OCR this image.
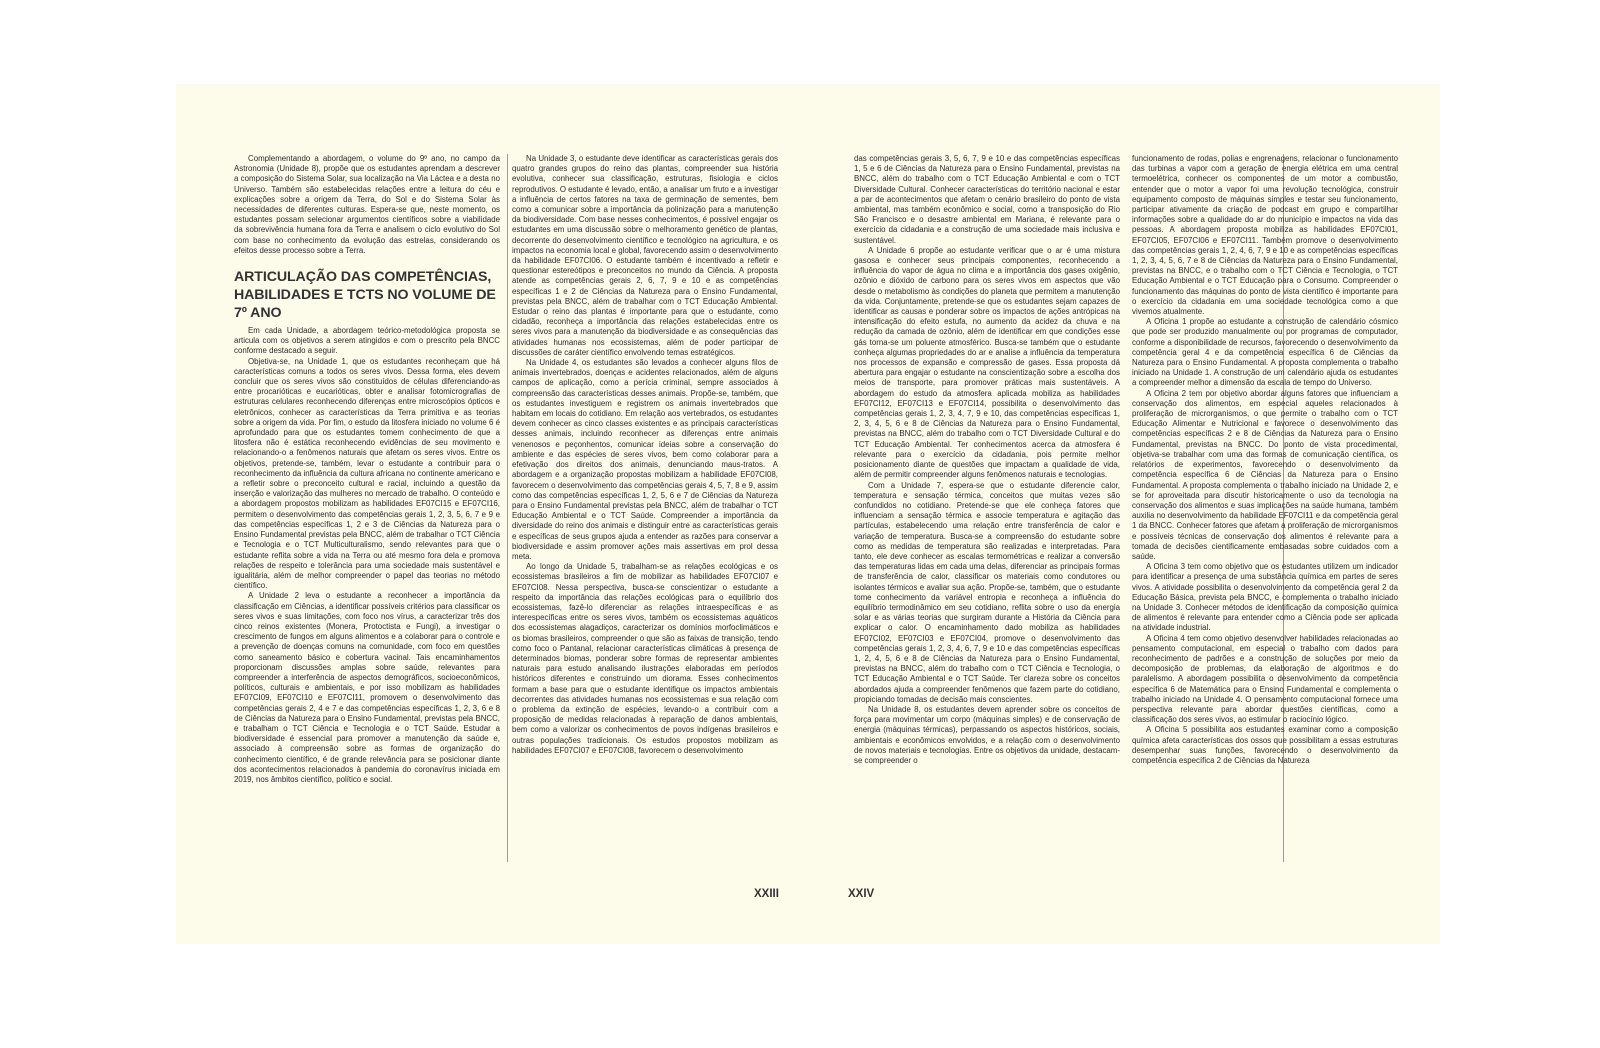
Complementando a abordagem, o volume do 9º ano, no campo da Astronomia (Unidade 8), propõe que os estudantes aprendam a descrever a composição do Sistema Solar, sua localização na Via Láctea e a desta no Universo. Também são estabelecidas relações entre a leitura do céu e explicações sobre a origem da Terra, do Sol e do Sistema Solar às necessidades de diferentes culturas. Espera-se que, neste momento, os estudantes possam selecionar argumentos científicos sobre a viabilidade da sobrevivência humana fora da Terra e analisem o ciclo evolutivo do Sol com base no conhecimento da evolução das estrelas, considerando os efeitos desse processo sobre a Terra.

ARTICULAÇÃO DAS COMPETÊNCIAS, HABILIDADES E TCTS NO VOLUME DE 7º ANO

Em cada Unidade, a abordagem teórico-metodológica proposta se articula com os objetivos a serem atingidos e com o prescrito pela BNCC conforme destacado a seguir.

Objetiva-se, na Unidade 1, que os estudantes reconheçam que há características comuns a todos os seres vivos. Dessa forma, eles devem concluir que os seres vivos são constituídos de células diferenciando-as entre procarióticas e eucarióticas, obter e analisar fotomicrografias de estruturas celulares reconhecendo diferenças entre microscópios ópticos e eletrônicos, conhecer as características da Terra primitiva e as teorias sobre a origem da vida. Por fim, o estudo da litosfera iniciado no volume 6 é aprofundado para que os estudantes tomem conhecimento de que a litosfera não é estática reconhecendo evidências de seu movimento e relacionando-o a fenômenos naturais que afetam os seres vivos. Entre os objetivos, pretende-se, também, levar o estudante a contribuir para o reconhecimento da influência da cultura africana no continente americano e a refletir sobre o preconceito cultural e racial, incluindo a questão da inserção e valorização das mulheres no mercado de trabalho. O conteúdo e a abordagem propostos mobilizam as habilidades EF07CI15 e EF07CI16, permitem o desenvolvimento das competências gerais 1, 2, 3, 5, 6, 7 e 9 e das competências específicas 1, 2 e 3 de Ciências da Natureza para o Ensino Fundamental previstas pela BNCC, além de trabalhar o TCT Ciência e Tecnologia e o TCT Multiculturalismo, sendo relevantes para que o estudante reflita sobre a vida na Terra ou até mesmo fora dela e promova relações de respeito e tolerância para uma sociedade mais sustentável e igualitária, além de melhor compreender o papel das teorias no método científico.

A Unidade 2 leva o estudante a reconhecer a importância da classificação em Ciências, a identificar possíveis critérios para classificar os seres vivos e suas limitações, com foco nos vírus, a caracterizar três dos cinco reinos existentes (Monera, Protoctista e Fungi), a investigar o crescimento de fungos em alguns alimentos e a colaborar para o controle e a prevenção de doenças comuns na comunidade, com foco em questões como saneamento básico e cobertura vacinal. Tais encaminhamentos proporcionam discussões amplas sobre saúde, relevantes para compreender a interferência de aspectos demográficos, socioeconômicos, políticos, culturais e ambientais, e por isso mobilizam as habilidades EF07CI09, EF07CI10 e EF07CI11, promovem o desenvolvimento das competências gerais 2, 4 e 7 e das competências específicas 1, 2, 3, 6 e 8 de Ciências da Natureza para o Ensino Fundamental, previstas pela BNCC, e trabalham o TCT Ciência e Tecnologia e o TCT Saúde. Estudar a biodiversidade é essencial para promover a manutenção da saúde e, associado à compreensão sobre as formas de organização do conhecimento científico, é de grande relevância para se posicionar diante dos acontecimentos relacionados à pandemia do coronavírus iniciada em 2019, nos âmbitos científico, político e social.

Na Unidade 3, o estudante deve identificar as características gerais dos quatro grandes grupos do reino das plantas, compreender sua história evolutiva, conhecer sua classificação, estruturas, fisiologia e ciclos reprodutivos. O estudante é levado, então, a analisar um fruto e a investigar a influência de certos fatores na taxa de germinação de sementes, bem como a comunicar sobre a importância da polinização para a manutenção da biodiversidade. Com base nesses conhecimentos, é possível engajar os estudantes em uma discussão sobre o melhoramento genético de plantas, decorrente do desenvolvimento científico e tecnológico na agricultura, e os impactos na economia local e global, favorecendo assim o desenvolvimento da habilidade EF07CI06. O estudante também é incentivado a refletir e questionar estereótipos e preconceitos no mundo da Ciência. A proposta atende as competências gerais 2, 6, 7, 9 e 10 e as competências específicas 1 e 2 de Ciências da Natureza para o Ensino Fundamental, previstas pela BNCC, além de trabalhar com o TCT Educação Ambiental. Estudar o reino das plantas é importante para que o estudante, como cidadão, reconheça a importância das relações estabelecidas entre os seres vivos para a manutenção da biodiversidade e as consequências das atividades humanas nos ecossistemas, além de poder participar de discussões de caráter científico envolvendo temas estratégicos.

Na Unidade 4, os estudantes são levados a conhecer alguns filos de animais invertebrados, doenças e acidentes relacionados, além de alguns campos de aplicação, como a perícia criminal, sempre associados à compreensão das características desses animais. Propõe-se, também, que os estudantes investiguem e registrem os animais invertebrados que habitam em locais do cotidiano. Em relação aos vertebrados, os estudantes devem conhecer as cinco classes existentes e as principais características desses animais, incluindo reconhecer as diferenças entre animais venenosos e peçonhentos, comunicar ideias sobre a conservação do ambiente e das espécies de seres vivos, bem como colaborar para a efetivação dos direitos dos animais, denunciando maus-tratos. A abordagem e a organização propostas mobilizam a habilidade EF07CI08, favorecem o desenvolvimento das competências gerais 4, 5, 7, 8 e 9, assim como das competências específicas 1, 2, 5, 6 e 7 de Ciências da Natureza para o Ensino Fundamental previstas pela BNCC, além de trabalhar o TCT Educação Ambiental e o TCT Saúde. Compreender a importância da diversidade do reino dos animais e distinguir entre as características gerais e específicas de seus grupos ajuda a entender as razões para conservar a biodiversidade e assim promover ações mais assertivas em prol dessa meta.

Ao longo da Unidade 5, trabalham-se as relações ecológicas e os ecossistemas brasileiros a fim de mobilizar as habilidades EF07CI07 e EF07CI08. Nessa perspectiva, busca-se conscientizar o estudante a respeito da importância das relações ecológicas para o equilíbrio dos ecossistemas, fazê-lo diferenciar as relações intraespecíficas e as interespecíficas entre os seres vivos, também os ecossistemas aquáticos dos ecossistemas alagadiços, caracterizar os domínios morfoclimáticos e os biomas brasileiros, compreender o que são as faixas de transição, tendo como foco o Pantanal, relacionar características climáticas à presença de determinados biomas, ponderar sobre formas de representar ambientes naturais para estudo analisando ilustrações elaboradas em períodos históricos diferentes e construindo um diorama. Esses conhecimentos formam a base para que o estudante identifique os impactos ambientais decorrentes das atividades humanas nos ecossistemas e sua relação com o problema da extinção de espécies, levando-o a contribuir com a proposição de medidas relacionadas à reparação de danos ambientais, bem como a valorizar os conhecimentos de povos indígenas brasileiros e outras populações tradicionais. Os estudos propostos mobilizam as habilidades EF07CI07 e EF07CI08, favorecem o desenvolvimento

das competências gerais 3, 5, 6, 7, 9 e 10 e das competências específicas 1, 5 e 6 de Ciências da Natureza para o Ensino Fundamental, previstas na BNCC, além do trabalho com o TCT Educação Ambiental e com o TCT Diversidade Cultural. Conhecer características do território nacional e estar a par de acontecimentos que afetam o cenário brasileiro do ponto de vista ambiental, mas também econômico e social, como a transposição do Rio São Francisco e o desastre ambiental em Mariana, é relevante para o exercício da cidadania e a construção de uma sociedade mais inclusiva e sustentável.

A Unidade 6 propõe ao estudante verificar que o ar é uma mistura gasosa e conhecer seus principais componentes, reconhecendo a influência do vapor de água no clima e a importância dos gases oxigênio, ozônio e dióxido de carbono para os seres vivos em aspectos que vão desde o metabolismo às condições do planeta que permitem a manutenção da vida. Conjuntamente, pretende-se que os estudantes sejam capazes de identificar as causas e ponderar sobre os impactos de ações antrópicas na intensificação do efeito estufa, no aumento da acidez da chuva e na redução da camada de ozônio, além de identificar em que condições esse gás torna-se um poluente atmosférico. Busca-se também que o estudante conheça algumas propriedades do ar e analise a influência da temperatura nos processos de expansão e compressão de gases. Essa proposta dá abertura para engajar o estudante na conscientização sobre a escolha dos meios de transporte, para promover práticas mais sustentáveis. A abordagem do estudo da atmosfera aplicada mobiliza as habilidades EF07CI12, EF07CI13 e EF07CI14, possibilita o desenvolvimento das competências gerais 1, 2, 3, 4, 7, 9 e 10, das competências específicas 1, 2, 3, 4, 5, 6 e 8 de Ciências da Natureza para o Ensino Fundamental, previstas na BNCC, além do trabalho com o TCT Diversidade Cultural e do TCT Educação Ambiental. Ter conhecimentos acerca da atmosfera é relevante para o exercício da cidadania, pois permite melhor posicionamento diante de questões que impactam a qualidade de vida, além de permitir compreender alguns fenômenos naturais e tecnologias.

Com a Unidade 7, espera-se que o estudante diferencie calor, temperatura e sensação térmica, conceitos que muitas vezes são confundidos no cotidiano. Pretende-se que ele conheça fatores que influenciam a sensação térmica e associe temperatura e agitação das partículas, estabelecendo uma relação entre transferência de calor e variação de temperatura. Busca-se a compreensão do estudante sobre como as medidas de temperatura são realizadas e interpretadas. Para tanto, ele deve conhecer as escalas termométricas e realizar a conversão das temperaturas lidas em cada uma delas, diferenciar as principais formas de transferência de calor, classificar os materiais como condutores ou isolantes térmicos e avaliar sua ação. Propõe-se, também, que o estudante tome conhecimento da variável entropia e reconheça a influência do equilíbrio termodinâmico em seu cotidiano, reflita sobre o uso da energia solar e as várias teorias que surgiram durante a História da Ciência para explicar o calor. O encaminhamento dado mobiliza as habilidades EF07CI02, EF07CI03 e EF07CI04, promove o desenvolvimento das competências gerais 1, 2, 3, 4, 6, 7, 9 e 10 e das competências específicas 1, 2, 4, 5, 6 e 8 de Ciências da Natureza para o Ensino Fundamental, previstas na BNCC, além do trabalho com o TCT Ciência e Tecnologia, o TCT Educação Ambiental e o TCT Saúde. Ter clareza sobre os conceitos abordados ajuda a compreender fenômenos que fazem parte do cotidiano, propiciando tomadas de decisão mais conscientes.

Na Unidade 8, os estudantes devem aprender sobre os conceitos de força para movimentar um corpo (máquinas simples) e de conservação de energia (máquinas térmicas), perpassando os aspectos históricos, sociais, ambientais e econômicos envolvidos, e a relação com o desenvolvimento de novos materiais e tecnologias. Entre os objetivos da unidade, destacam-se compreender o

funcionamento de rodas, polias e engrenagens, relacionar o funcionamento das turbinas a vapor com a geração de energia elétrica em uma central termoelétrica, conhecer os componentes de um motor a combustão, entender que o motor a vapor foi uma revolução tecnológica, construir equipamento composto de máquinas simples e testar seu funcionamento, participar ativamente da criação de podcast em grupo e compartilhar informações sobre a qualidade do ar do município e impactos na vida das pessoas. A abordagem proposta mobiliza as habilidades EF07CI01, EF07CI05, EF07CI06 e EF07CI11. Também promove o desenvolvimento das competências gerais 1, 2, 4, 6, 7, 9 e 10 e as competências específicas 1, 2, 3, 4, 5, 6, 7 e 8 de Ciências da Natureza para o Ensino Fundamental, previstas na BNCC, e o trabalho com o TCT Ciência e Tecnologia, o TCT Educação Ambiental e o TCT Educação para o Consumo. Compreender o funcionamento das máquinas do ponto de vista científico é importante para o exercício da cidadania em uma sociedade tecnológica como a que vivemos atualmente.

A Oficina 1 propõe ao estudante a construção de calendário cósmico que pode ser produzido manualmente ou por programas de computador, conforme a disponibilidade de recursos, favorecendo o desenvolvimento da competência geral 4 e da competência específica 6 de Ciências da Natureza para o Ensino Fundamental. A proposta complementa o trabalho iniciado na Unidade 1. A construção de um calendário ajuda os estudantes a compreender melhor a dimensão da escala de tempo do Universo.

A Oficina 2 tem por objetivo abordar alguns fatores que influenciam a conservação dos alimentos, em especial aqueles relacionados à proliferação de microrganismos, o que permite o trabalho com o TCT Educação Alimentar e Nutricional e favorece o desenvolvimento das competências específicas 2 e 8 de Ciências da Natureza para o Ensino Fundamental, previstas na BNCC. Do ponto de vista procedimental, objetiva-se trabalhar com uma das formas de comunicação científica, os relatórios de experimentos, favorecendo o desenvolvimento da competência específica 6 de Ciências da Natureza para o Ensino Fundamental. A proposta complementa o trabalho iniciado na Unidade 2, e se for aproveitada para discutir historicamente o uso da tecnologia na conservação dos alimentos e suas implicações na saúde humana, também auxilia no desenvolvimento da habilidade EF07CI11 e da competência geral 1 da BNCC. Conhecer fatores que afetam a proliferação de microrganismos e possíveis técnicas de conservação dos alimentos é relevante para a tomada de decisões cientificamente embasadas sobre cuidados com a saúde.

A Oficina 3 tem como objetivo que os estudantes utilizem um indicador para identificar a presença de uma substância química em partes de seres vivos. A atividade possibilita o desenvolvimento da competência geral 2 da Educação Básica, prevista pela BNCC, e complementa o trabalho iniciado na Unidade 3. Conhecer métodos de identificação da composição química de alimentos é relevante para entender como a Ciência pode ser aplicada na atividade industrial.

A Oficina 4 tem como objetivo desenvolver habilidades relacionadas ao pensamento computacional, em especial o trabalho com dados para reconhecimento de padrões e a construção de soluções por meio da decomposição de problemas, da elaboração de algoritmos e do paralelismo. A abordagem possibilita o desenvolvimento da competência específica 6 de Matemática para o Ensino Fundamental e complementa o trabalho iniciado na Unidade 4. O pensamento computacional fornece uma perspectiva relevante para abordar questões científicas, como a classificação dos seres vivos, ao estimular o raciocínio lógico.

A Oficina 5 possibilita aos estudantes examinar como a composição química afeta características dos ossos que possibilitam a essas estruturas desempenhar suas funções, favorecendo o desenvolvimento da competência específica 2 de Ciências da Natureza

XXIII	XXIV
